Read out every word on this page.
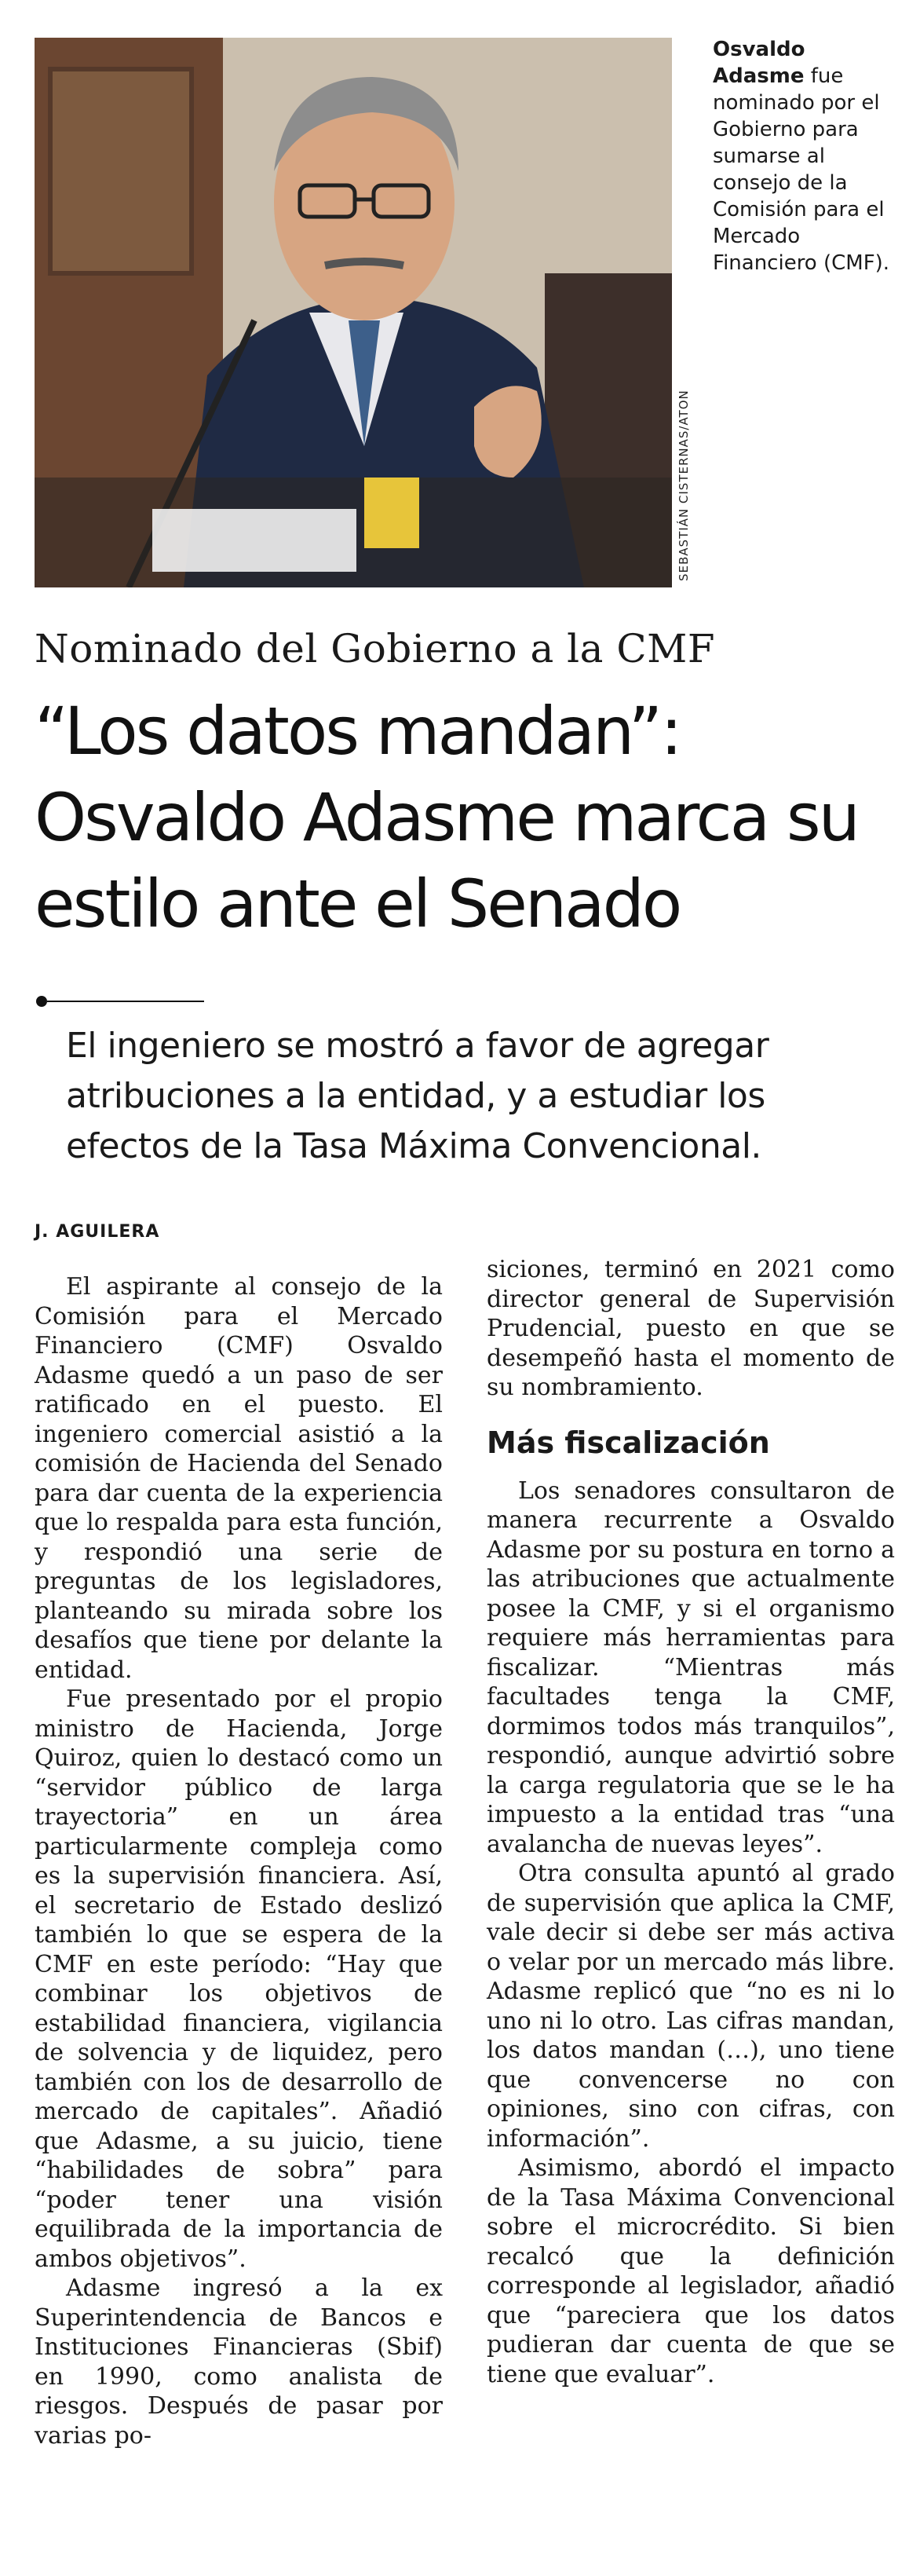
SEBASTIÁN CISTERNAS/ATON
Osvaldo Adasme fue nominado por el Gobierno para sumarse al consejo de la Comisión para el Mercado Financiero (CMF).
Nominado del Gobierno a la CMF
“Los datos mandan”: Osvaldo Adasme marca su estilo ante el Senado
El ingeniero se mostró a favor de agregar atribuciones a la entidad, y a estudiar los efectos de la Tasa Máxima Convencional.
J. AGUILERA

El aspirante al consejo de la Comisión para el Mercado Financiero (CMF) Osvaldo Adasme quedó a un paso de ser ratificado en el puesto. El ingeniero comercial asistió a la comisión de Hacienda del Senado para dar cuenta de la experiencia que lo respalda para esta función, y respondió una serie de preguntas de los legisladores, planteando su mirada sobre los desafíos que tiene por delante la entidad.

Fue presentado por el propio ministro de Hacienda, Jorge Quiroz, quien lo destacó como un “servidor público de larga trayectoria” en un área particularmente compleja como es la supervisión financiera. Así, el secretario de Estado deslizó también lo que se espera de la CMF en este período: “Hay que combinar los objetivos de estabilidad financiera, vigilancia de solvencia y de liquidez, pero también con los de desarrollo de mercado de capitales”. Añadió que Adasme, a su juicio, tiene “habilidades de sobra” para “poder tener una visión equilibrada de la importancia de ambos objetivos”.

Adasme ingresó a la ex Superintendencia de Bancos e Instituciones Financieras (Sbif) en 1990, como analista de riesgos. Después de pasar por varias po-

siciones, terminó en 2021 como director general de Supervisión Prudencial, puesto en que se desempeñó hasta el momento de su nombramiento.

Más fiscalización

Los senadores consultaron de manera recurrente a Osvaldo Adasme por su postura en torno a las atribuciones que actualmente posee la CMF, y si el organismo requiere más herramientas para fiscalizar. “Mientras más facultades tenga la CMF, dormimos todos más tranquilos”, respondió, aunque advirtió sobre la carga regulatoria que se le ha impuesto a la entidad tras “una avalancha de nuevas leyes”.

Otra consulta apuntó al grado de supervisión que aplica la CMF, vale decir si debe ser más activa o velar por un mercado más libre. Adasme replicó que “no es ni lo uno ni lo otro. Las cifras mandan, los datos mandan (…), uno tiene que convencerse no con opiniones, sino con cifras, con información”.

Asimismo, abordó el impacto de la Tasa Máxima Convencional sobre el microcrédito. Si bien recalcó que la definición corresponde al legislador, añadió que “pareciera que los datos pudieran dar cuenta de que se tiene que evaluar”.
